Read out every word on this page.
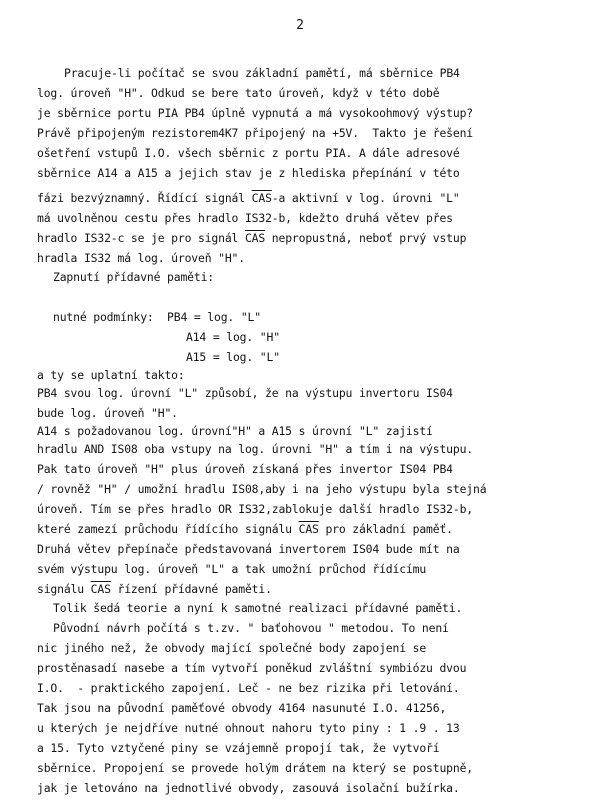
2
Pracuje-li počítač se svou základní pamětí, má sběrnice PB4
log. úroveň "H". Odkud se bere tato úroveň, když v této době
je sběrnice portu PIA PB4 úplně vypnutá a má vysokoohmový výstup?
Právě připojeným rezistorem4K7 připojený na +5V.  Takto je řešení
ošetření vstupů I.O. všech sběrnic z portu PIA. A dále adresové
sběrnice A14 a A15 a jejich stav je z hlediska přepínání v této
fázi bezvýznamný. Řídící signál $\overline{CAS}-a$ aktivní v log. úrovni "L"
má uvolněnou cestu přes hradlo IS32-b, kdežto druhá větev přes
hradlo IS32-c se je pro signál $\overline{CAS}$ nepropustná, neboť prvý vstup
hradla IS32 má log. úroveň "H".
Zapnutí přídavné paměti:
nutné podmínky:  PB4 = log. "L"
A14 = log. "H"
A15 = log. "L"
a ty se uplatní takto:
PB4 svou log. úrovní "L" způsobí, že na výstupu invertoru IS04
bude log. úroveň "H".
A14 s požadovanou log. úrovní"H" a A15 s úrovní "L" zajistí
hradlu AND IS08 oba vstupy na log. úrovni "H" a tím i na výstupu.
Pak tato úroveň "H" plus úroveň získaná přes invertor IS04 PB4
/ rovněž "H" / umožní hradlu IS08,aby i na jeho výstupu byla stejná
úroveň. Tím se přes hradlo OR IS32,zablokuje další hradlo IS32-b,
které zamezí průchodu řídícího signálu $\overline{CAS}$ pro základní paměť.
Druhá větev přepínače představovaná invertorem IS04 bude mít na
svém výstupu log. úroveň "L" a tak umožní průchod řídícímu
signálu $\overline{CAS}$ řízení přídavné paměti.
Tolik šedá teorie a nyní k samotné realizaci přídavné paměti.
Původní návrh počítá s t.zv. " baťohovou " metodou. To není
nic jiného než, že obvody mající společné body zapojení se
prostěnasadí nasebe a tím vytvoří poněkud zvláštní symbiózu dvou
I.O.  - praktického zapojení. Leč - ne bez rizika při letování.
Tak jsou na původní paměťové obvody 4164 nasunuté I.O. 41256,
u kterých je nejdříve nutné ohnout nahoru tyto piny : 1 .9 . 13
a 15. Tyto vztyčené piny se vzájemně propojí tak, že vytvoří
sběrnice. Propojení se provede holým drátem na který se postupně,
jak je letováno na jednotlivé obvody, zasouvá isolační bužírka.
